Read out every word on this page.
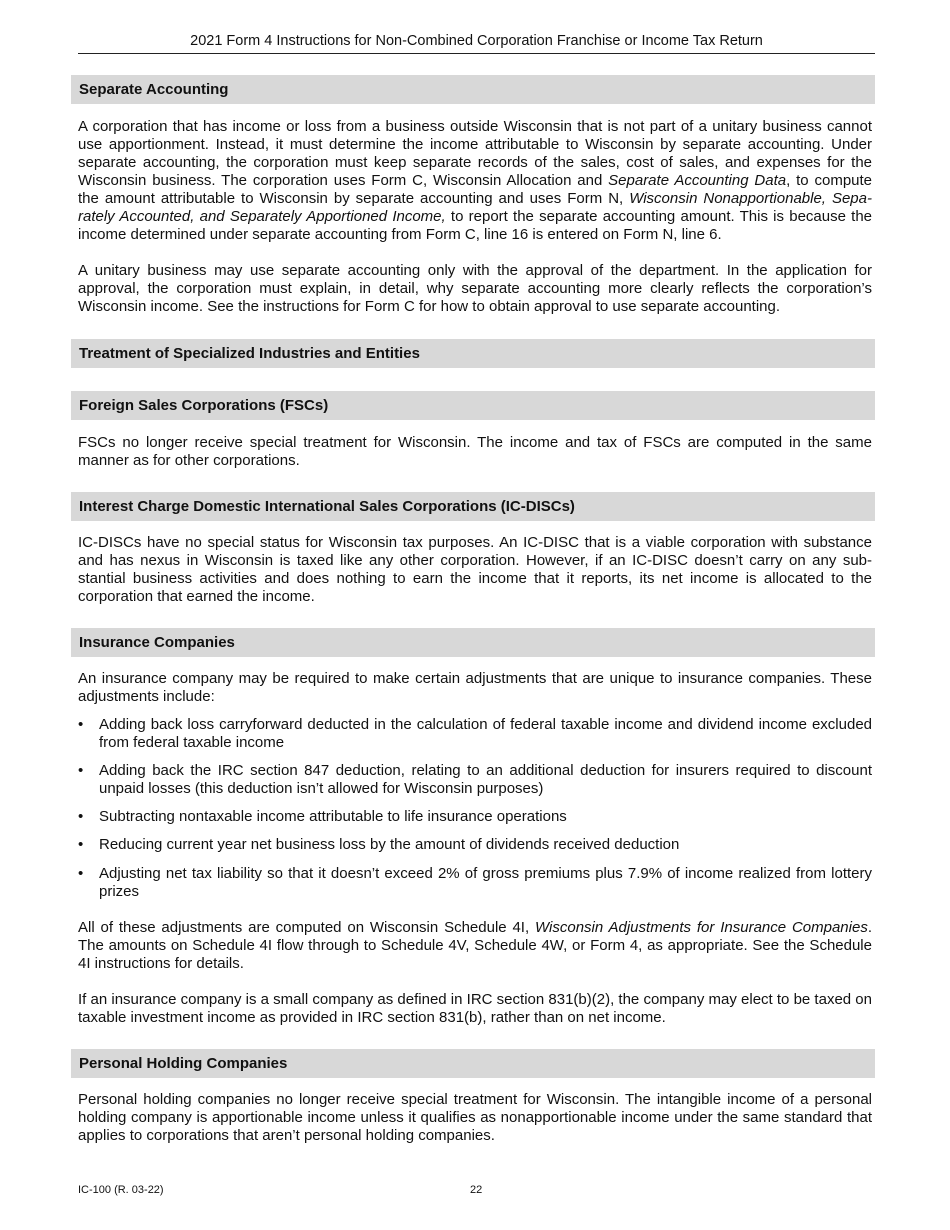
2021 Form 4 Instructions for Non-Combined Corporation Franchise or Income Tax Return
Separate Accounting

A corporation that has income or loss from a business outside Wisconsin that is not part of a unitary business cannot use apportionment. Instead, it must determine the income attributable to Wisconsin by separate accounting. Under separate accounting, the corporation must keep separate records of the sales, cost of sales, and expenses for the Wisconsin business. The corporation uses Form C, Wisconsin Allocation and Separate Accounting Data, to compute the amount attributable to Wisconsin by separate accounting and uses Form N, Wisconsin Nonapportionable, Sepa-rately Accounted, and Separately Apportioned Income, to report the separate accounting amount. This is because the income determined under separate accounting from Form C, line 16 is entered on Form N, line 6.

A unitary business may use separate accounting only with the approval of the department. In the application for approval, the corporation must explain, in detail, why separate accounting more clearly reflects the corporation’s Wisconsin income. See the instructions for Form C for how to obtain approval to use separate accounting.

Treatment of Specialized Industries and Entities
Foreign Sales Corporations (FSCs)

FSCs no longer receive special treatment for Wisconsin. The income and tax of FSCs are computed in the same manner as for other corporations.

Interest Charge Domestic International Sales Corporations (IC-DISCs)

IC-DISCs have no special status for Wisconsin tax purposes. An IC-DISC that is a viable corporation with substance and has nexus in Wisconsin is taxed like any other corporation. However, if an IC-DISC doesn’t carry on any sub-stantial business activities and does nothing to earn the income that it reports, its net income is allocated to the corporation that earned the income.

Insurance Companies

An insurance company may be required to make certain adjustments that are unique to insurance companies. These adjustments include:

•	Adding back loss carryforward deducted in the calculation of federal taxable income and dividend income excluded from federal taxable income
•	Adding back the IRC section 847 deduction, relating to an additional deduction for insurers required to discount unpaid losses (this deduction isn’t allowed for Wisconsin purposes)
•	Subtracting nontaxable income attributable to life insurance operations
•	Reducing current year net business loss by the amount of dividends received deduction
•	Adjusting net tax liability so that it doesn’t exceed 2% of gross premiums plus 7.9% of income realized from lottery prizes

All of these adjustments are computed on Wisconsin Schedule 4I, Wisconsin Adjustments for Insurance Companies. The amounts on Schedule 4I flow through to Schedule 4V, Schedule 4W, or Form 4, as appropriate. See the Schedule 4I instructions for details.

If an insurance company is a small company as defined in IRC section 831(b)(2), the company may elect to be taxed on taxable investment income as provided in IRC section 831(b), rather than on net income.

Personal Holding Companies

Personal holding companies no longer receive special treatment for Wisconsin. The intangible income of a personal holding company is apportionable income unless it qualifies as nonapportionable income under the same standard that applies to corporations that aren’t personal holding companies.

IC-100 (R. 03-22)	22
